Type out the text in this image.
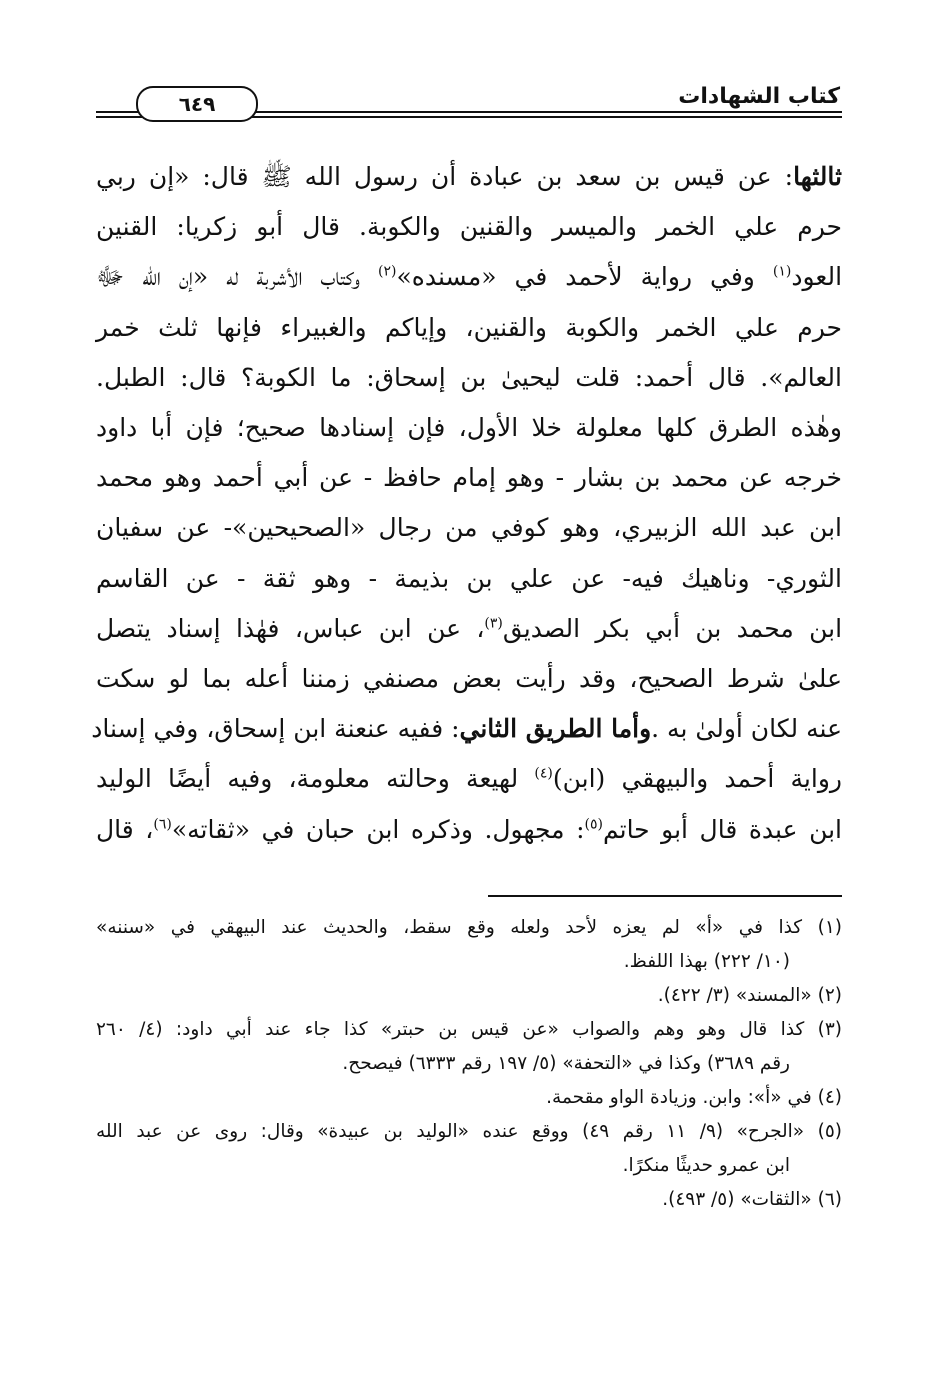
كتاب الشهادات
٦٤٩

ثالثها: عن قيس بن سعد بن عبادة أن رسول الله ﷺ قال: «إن ربي

حرم علي الخمر والميسر والقنين والكوبة. قال أبو زكريا: القنين

العود$^{(١)}$ وفي رواية لأحمد في «مسنده»$^{(٢)}$ وكتاب الأشربة له «إن الله ﷻ

حرم علي الخمر والكوبة والقنين، وإياكم والغبيراء فإنها ثلث خمر

العالم». قال أحمد: قلت ليحيىٰ بن إسحاق: ما الكوبة؟ قال: الطبل.

وهٰذه الطرق كلها معلولة خلا الأول، فإن إسنادها صحيح؛ فإن أبا داود

خرجه عن محمد بن بشار - وهو إمام حافظ - عن أبي أحمد وهو محمد

ابن عبد الله الزبيري، وهو كوفي من رجال «الصحيحين»- عن سفيان

الثوري- وناهيك فيه- عن علي بن بذيمة - وهو ثقة - عن القاسم

ابن محمد بن أبي بكر الصديق$^{(٣)}$، عن ابن عباس، فهٰذا إسناد يتصل

علىٰ شرط الصحيح، وقد رأيت بعض مصنفي زمننا أعله بما لو سكت

عنه لكان أولىٰ به .وأما الطريق الثاني: ففيه عنعنة ابن إسحاق، وفي إسناد

رواية أحمد والبيهقي (ابن)$^{(٤)}$ لهيعة وحالته معلومة، وفيه أيضًا الوليد

ابن عبدة قال أبو حاتم$^{(٥)}$: مجهول. وذكره ابن حبان في «ثقاته»$^{(٦)}$، قال

(١) كذا في «أ» لم يعزه لأحد ولعله وقع سقط، والحديث عند البيهقي في «سننه»
(١٠/ ٢٢٢) بهذا اللفظ.
(٢) «المسند» (٣/ ٤٢٢).
(٣) كذا قال وهو وهم والصواب «عن قيس بن حبتر» كذا جاء عند أبي داود: (٤/ ٢٦٠
رقم ٣٦٨٩) وكذا في «التحفة» (٥/ ١٩٧ رقم ٦٣٣٣) فيصحح.
(٤) في «أ»: وابن. وزيادة الواو مقحمة.
(٥) «الجرح» (٩/ ١١ رقم ٤٩) ووقع عنده «الوليد بن عبيدة» وقال: روى عن عبد الله
ابن عمرو حديثًا منكرًا.
(٦) «الثقات» (٥/ ٤٩٣).
